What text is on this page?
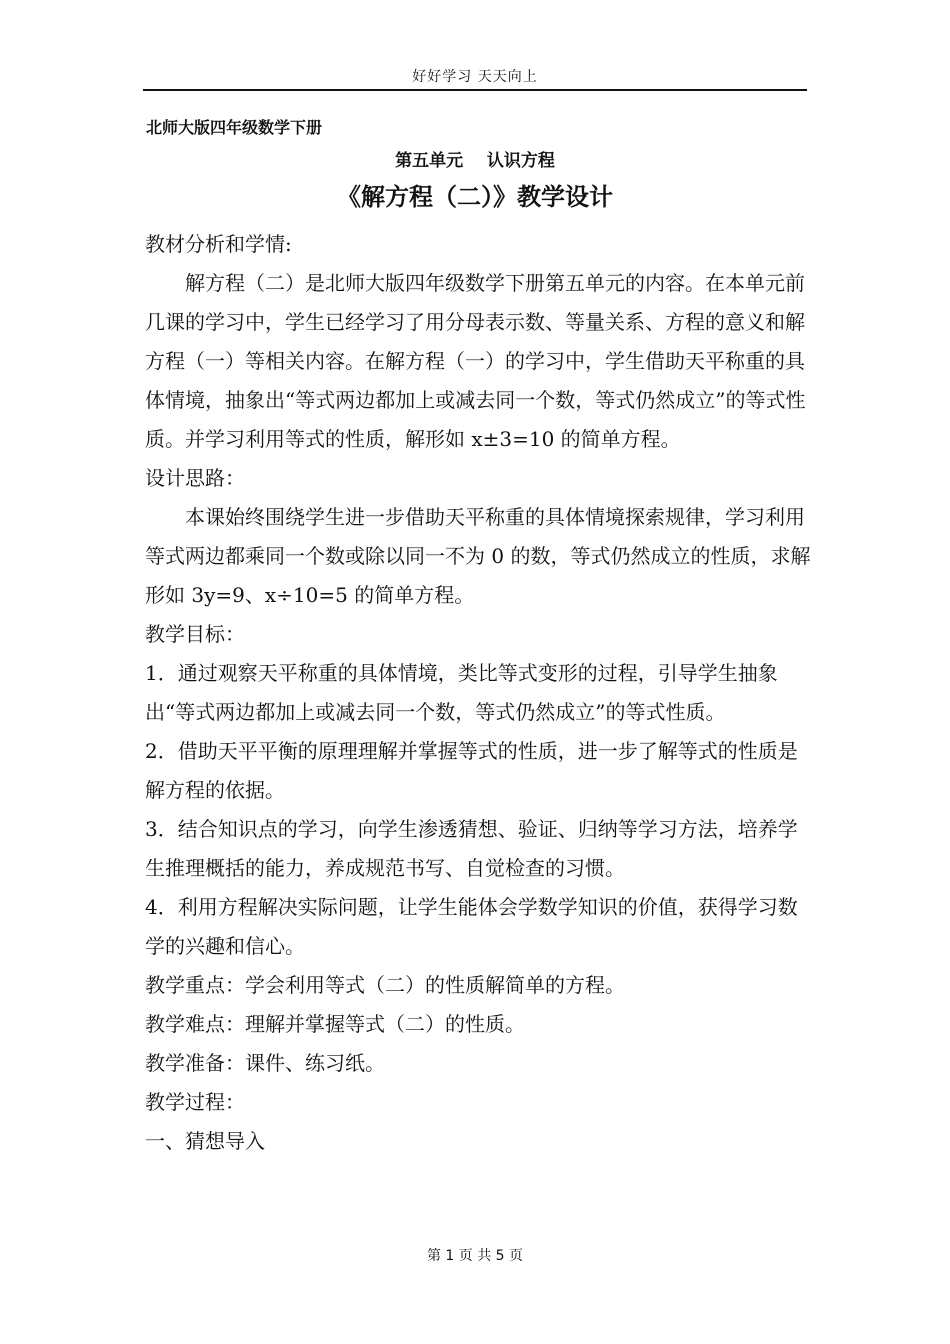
好好学习 天天向上
北师大版四年级数学下册
第五单元    认识方程
《解方程（二）》教学设计

教材分析和学情:

解方程（二）是北师大版四年级数学下册第五单元的内容。在本单元前几课的学习中，学生已经学习了用分母表示数、等量关系、方程的意义和解方程（一）等相关内容。在解方程（一）的学习中，学生借助天平称重的具体情境，抽象出“等式两边都加上或减去同一个数，等式仍然成立”的等式性质。并学习利用等式的性质，解形如 x±3=10 的简单方程。

设计思路：

本课始终围绕学生进一步借助天平称重的具体情境探索规律，学习利用等式两边都乘同一个数或除以同一不为 0 的数，等式仍然成立的性质，求解形如 3y=9、x÷10=5 的简单方程。

教学目标：

1．通过观察天平称重的具体情境，类比等式变形的过程，引导学生抽象出“等式两边都加上或减去同一个数，等式仍然成立”的等式性质。

2．借助天平平衡的原理理解并掌握等式的性质，进一步了解等式的性质是解方程的依据。

3．结合知识点的学习，向学生渗透猜想、验证、归纳等学习方法，培养学生推理概括的能力，养成规范书写、自觉检查的习惯。

4．利用方程解决实际问题，让学生能体会学数学知识的价值，获得学习数学的兴趣和信心。

教学重点：学会利用等式（二）的性质解简单的方程。

教学难点：理解并掌握等式（二）的性质。

教学准备：课件、练习纸。

教学过程：

一、猜想导入

第 1 页 共 5 页
